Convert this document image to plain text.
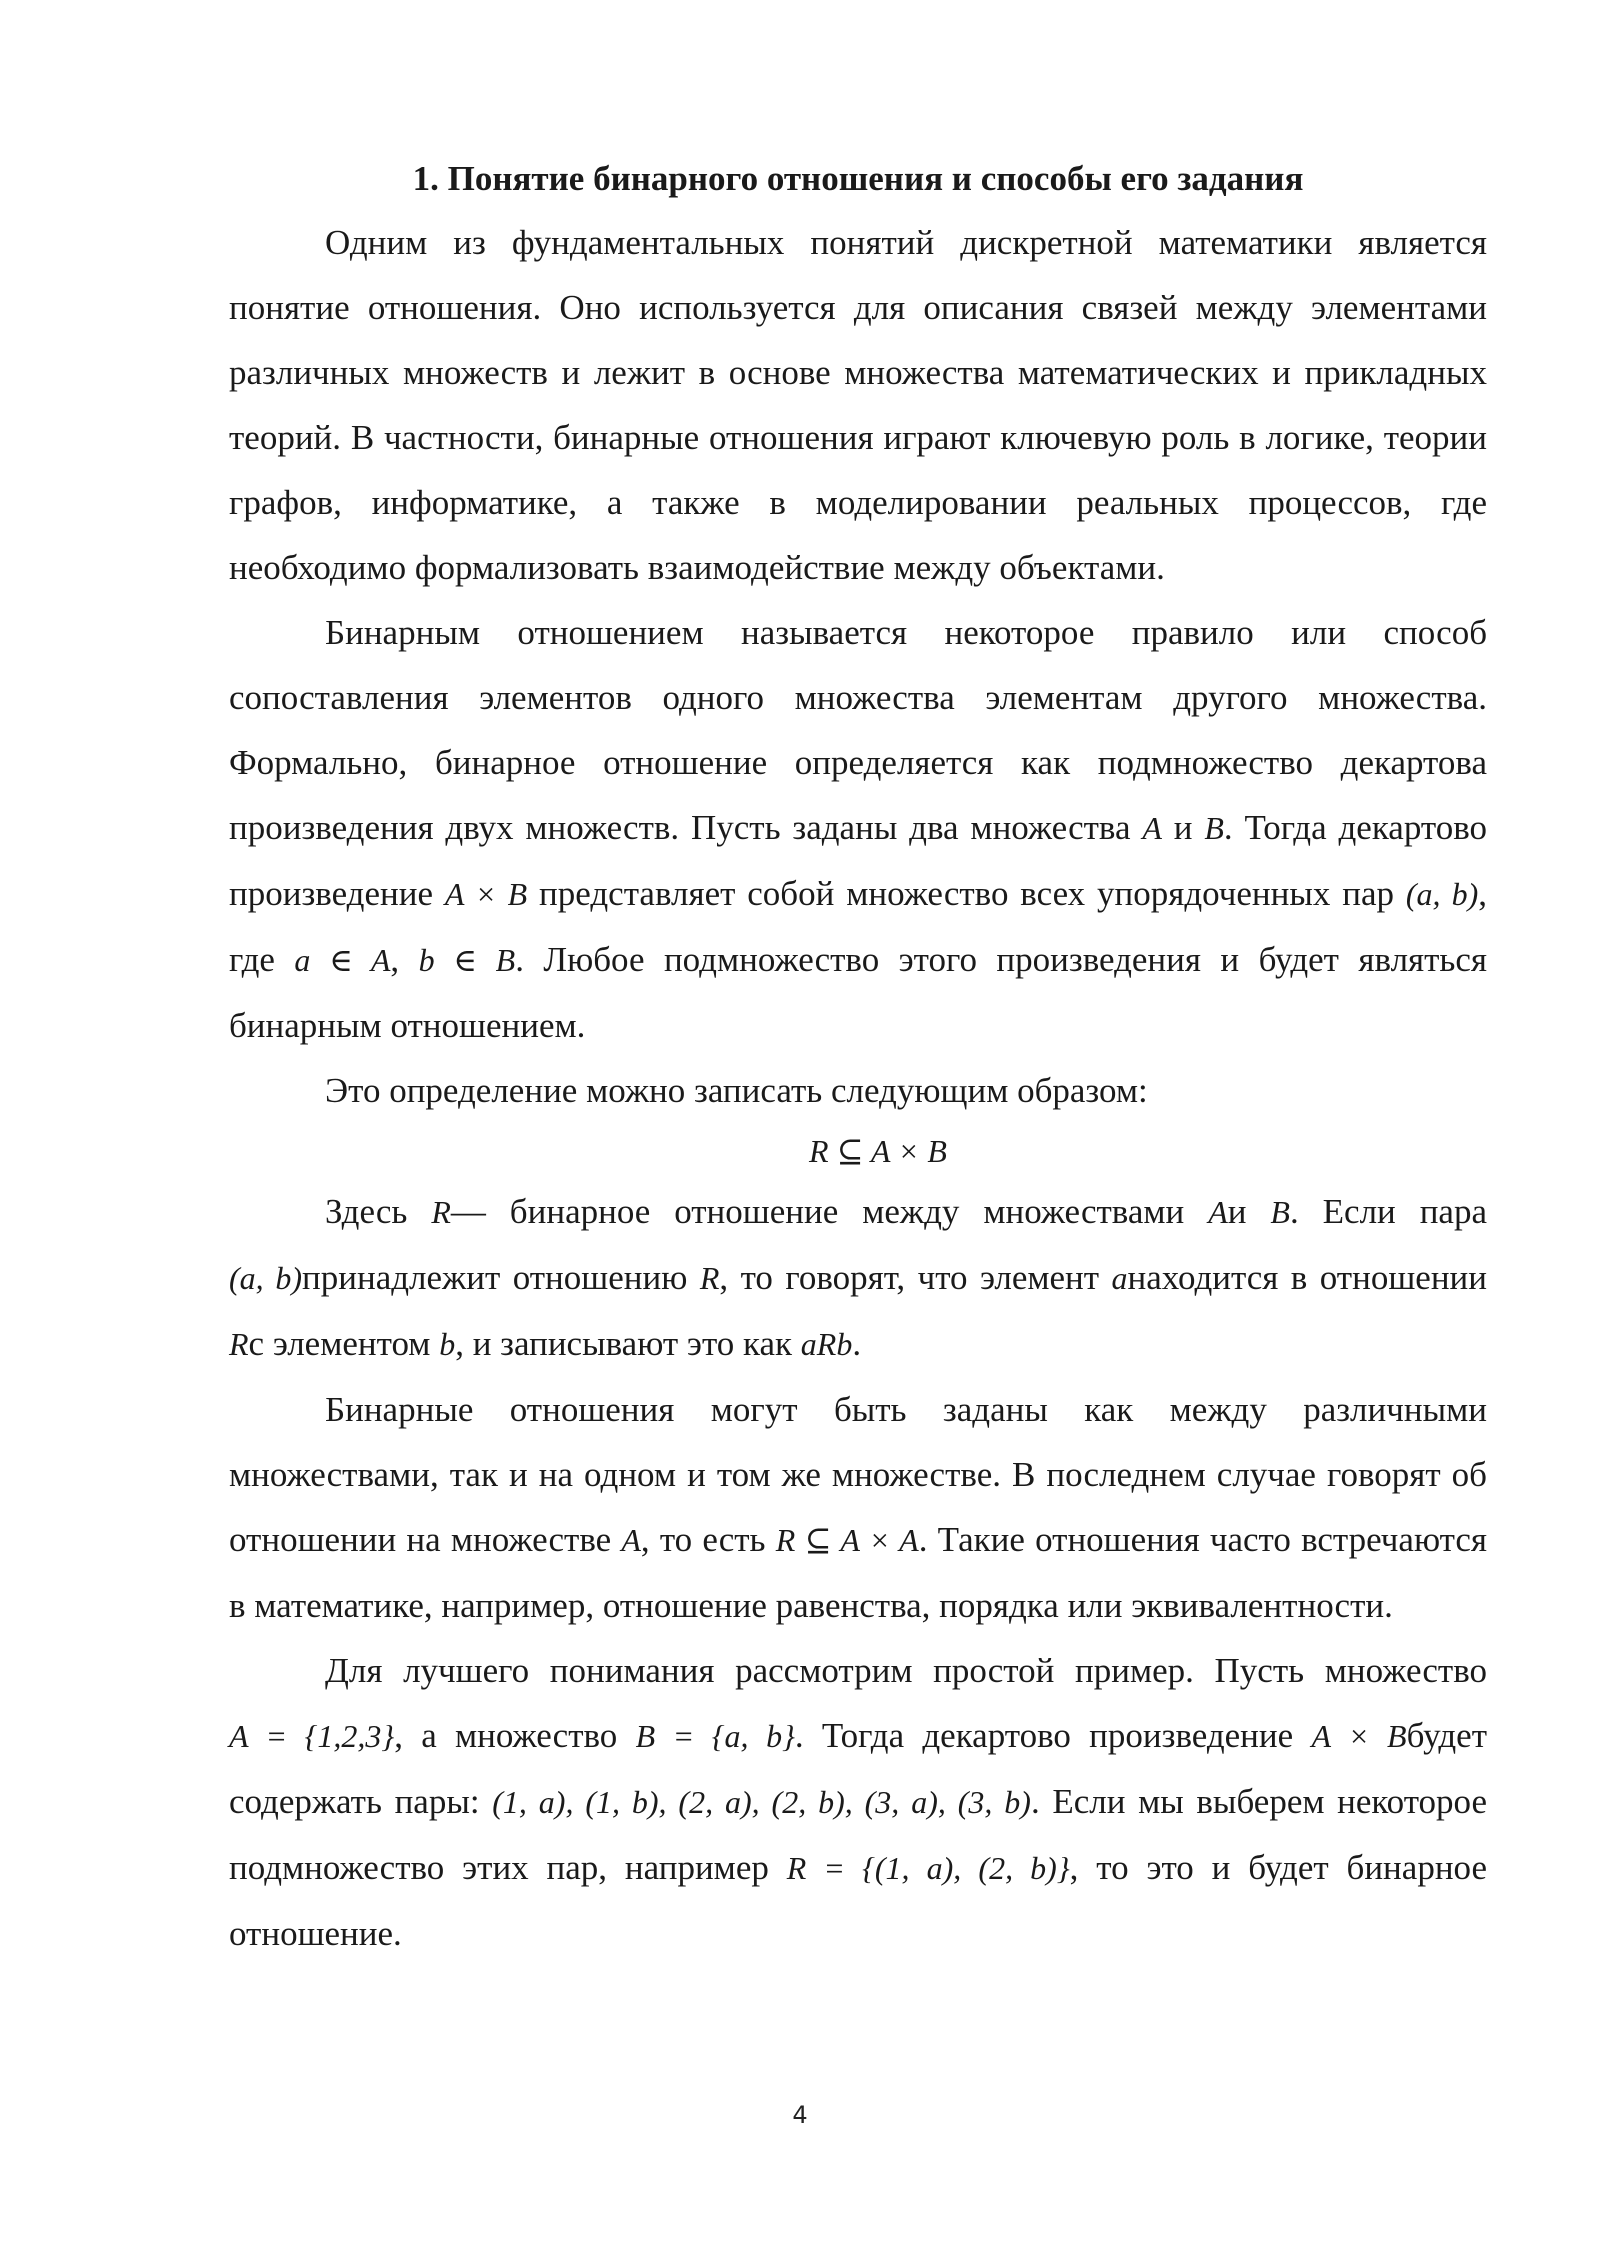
1. Понятие бинарного отношения и способы его задания

Одним из фундаментальных понятий дискретной математики является понятие отношения. Оно используется для описания связей между элементами различных множеств и лежит в основе множества математических и прикладных теорий. В частности, бинарные отношения играют ключевую роль в логике, теории графов, информатике, а также в моделировании реальных процессов, где необходимо формализовать взаимодействие между объектами.

Бинарным отношением называется некоторое правило или способ сопоставления элементов одного множества элементам другого множества. Формально, бинарное отношение определяется как подмножество декартова произведения двух множеств. Пусть заданы два множества A и B. Тогда декартово произведение A × B представляет собой множество всех упорядоченных пар (a, b), где a ∈ A, b ∈ B. Любое подмножество этого произведения и будет являться бинарным отношением.

Это определение можно записать следующим образом:

R ⊆ A × B

Здесь R— бинарное отношение между множествами Aи B. Если пара (a, b)принадлежит отношению R, то говорят, что элемент aнаходится в отношении Rс элементом b, и записывают это как aRb.

Бинарные отношения могут быть заданы как между различными множествами, так и на одном и том же множестве. В последнем случае говорят об отношении на множестве A, то есть R ⊆ A × A. Такие отношения часто встречаются в математике, например, отношение равенства, порядка или эквивалентности.

Для лучшего понимания рассмотрим простой пример. Пусть множество A = {1,2,3}, а множество B = {a, b}. Тогда декартово произведение A × Bбудет содержать пары: (1, a), (1, b), (2, a), (2, b), (3, a), (3, b). Если мы выберем некоторое подмножество этих пар, например R = {(1, a), (2, b)}, то это и будет бинарное отношение.

4
